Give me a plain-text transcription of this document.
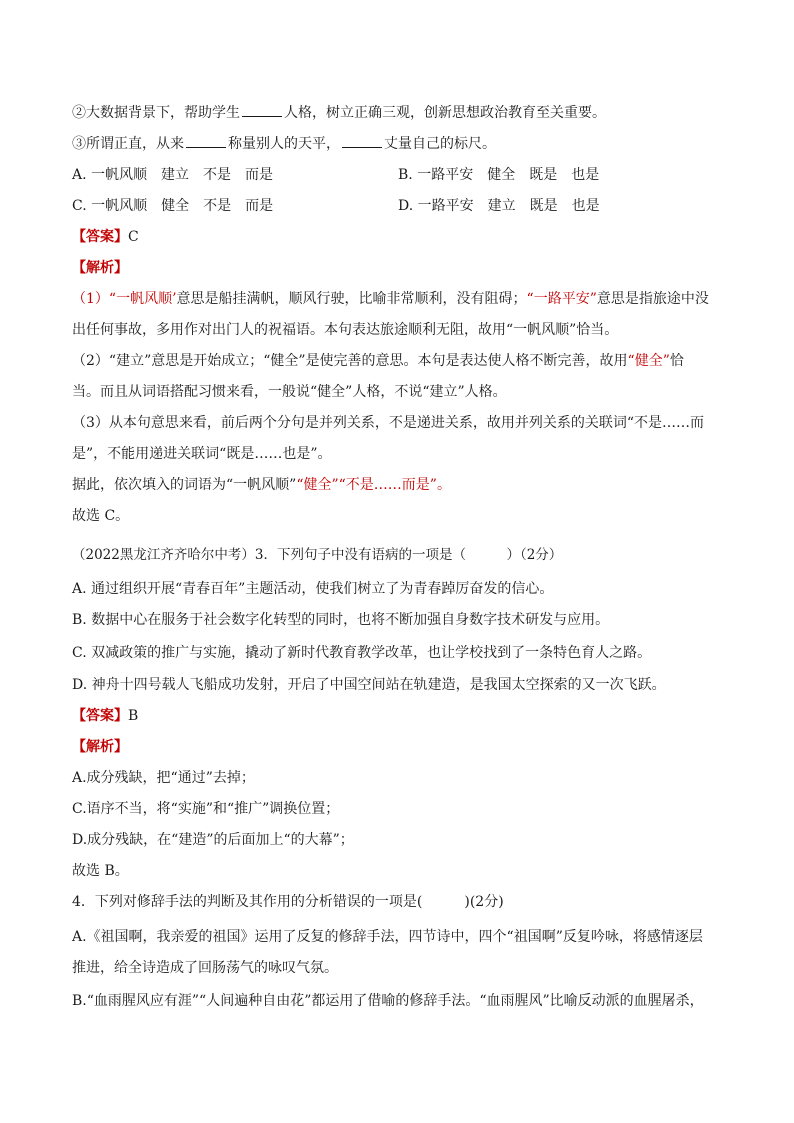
②大数据背景下，帮助学生	人格，树立正确三观，创新思想政治教育至关重要。
③所谓正直，从来	称量别人的天平，	丈量自己的标尺。
A. 一帆风顺　建立　不是　而是	B. 一路平安　健全　既是　也是
C. 一帆风顺　健全　不是　而是	D. 一路平安　建立　既是　也是
【答案】C
【解析】
（1）“一帆风顺’意思是船挂满帆，顺风行驶，比喻非常顺利，没有阻碍；“一路平安”意思是指旅途中没
出任何事故，多用作对出门人的祝福语。本句表达旅途顺利无阻，故用“一帆风顺”恰当。
（2）“建立”意思是开始成立；“健全”是使完善的意思。本句是表达使人格不断完善，故用“健全”恰
当。而且从词语搭配习惯来看，一般说“健全”人格，不说“建立”人格。
（3）从本句意思来看，前后两个分句是并列关系，不是递进关系，故用并列关系的关联词“不是……而
是”，不能用递进关联词“既是……也是”。
据此，依次填入的词语为“一帆风顺”“健全”“不是……而是”。
故选 C。
（2022黑龙江齐齐哈尔中考）3．下列句子中没有语病的一项是（　　　）（2分）
A. 通过组织开展“青春百年”主题活动，使我们树立了为青春踔厉奋发的信心。
B. 数据中心在服务于社会数字化转型的同时，也将不断加强自身数字技术研发与应用。
C. 双减政策的推广与实施，撬动了新时代教育教学改革，也让学校找到了一条特色育人之路。
D. 神舟十四号载人飞船成功发射，开启了中国空间站在轨建造，是我国太空探索的又一次飞跃。
【答案】B
【解析】
A.成分残缺，把“通过”去掉；
C.语序不当，将“实施”和“推广”调换位置；
D.成分残缺，在“建造”的后面加上“的大幕”；
故选 B。
4．下列对修辞手法的判断及其作用的分析错误的一项是(　　　)(2分)
A.《祖国啊，我亲爱的祖国》运用了反复的修辞手法，四节诗中，四个“祖国啊”反复吟咏，将感情逐层
推进，给全诗造成了回肠荡气的咏叹气氛。
B.“血雨腥风应有涯”“人间遍种自由花”都运用了借喻的修辞手法。“血雨腥风”比喻反动派的血腥屠杀，
